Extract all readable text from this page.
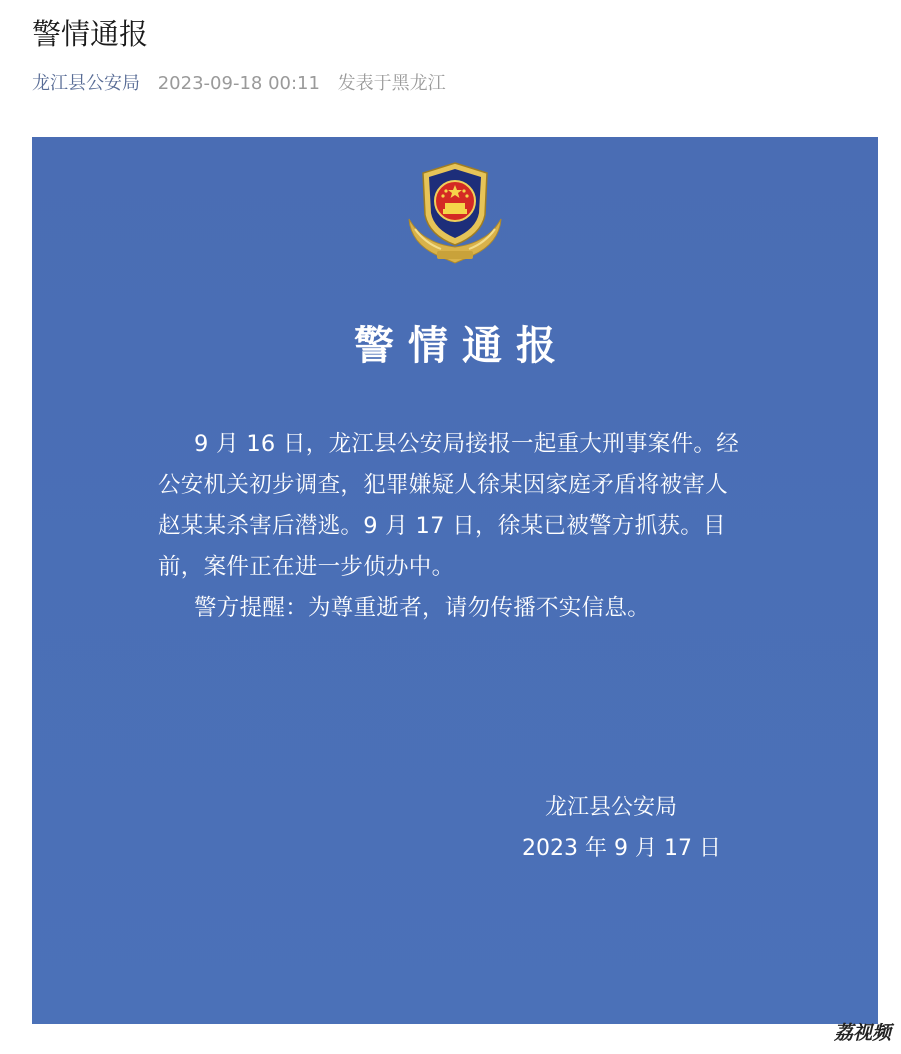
警情通报
龙江县公安局 2023-09-18 00:11 发表于黑龙江
警情通报

9 月 16 日，龙江县公安局接报一起重大刑事案件。经公安机关初步调查，犯罪嫌疑人徐某因家庭矛盾将被害人赵某某杀害后潜逃。9 月 17 日，徐某已被警方抓获。目前，案件正在进一步侦办中。

警方提醒：为尊重逝者，请勿传播不实信息。

龙江县公安局
2023 年 9 月 17 日
荔视频
